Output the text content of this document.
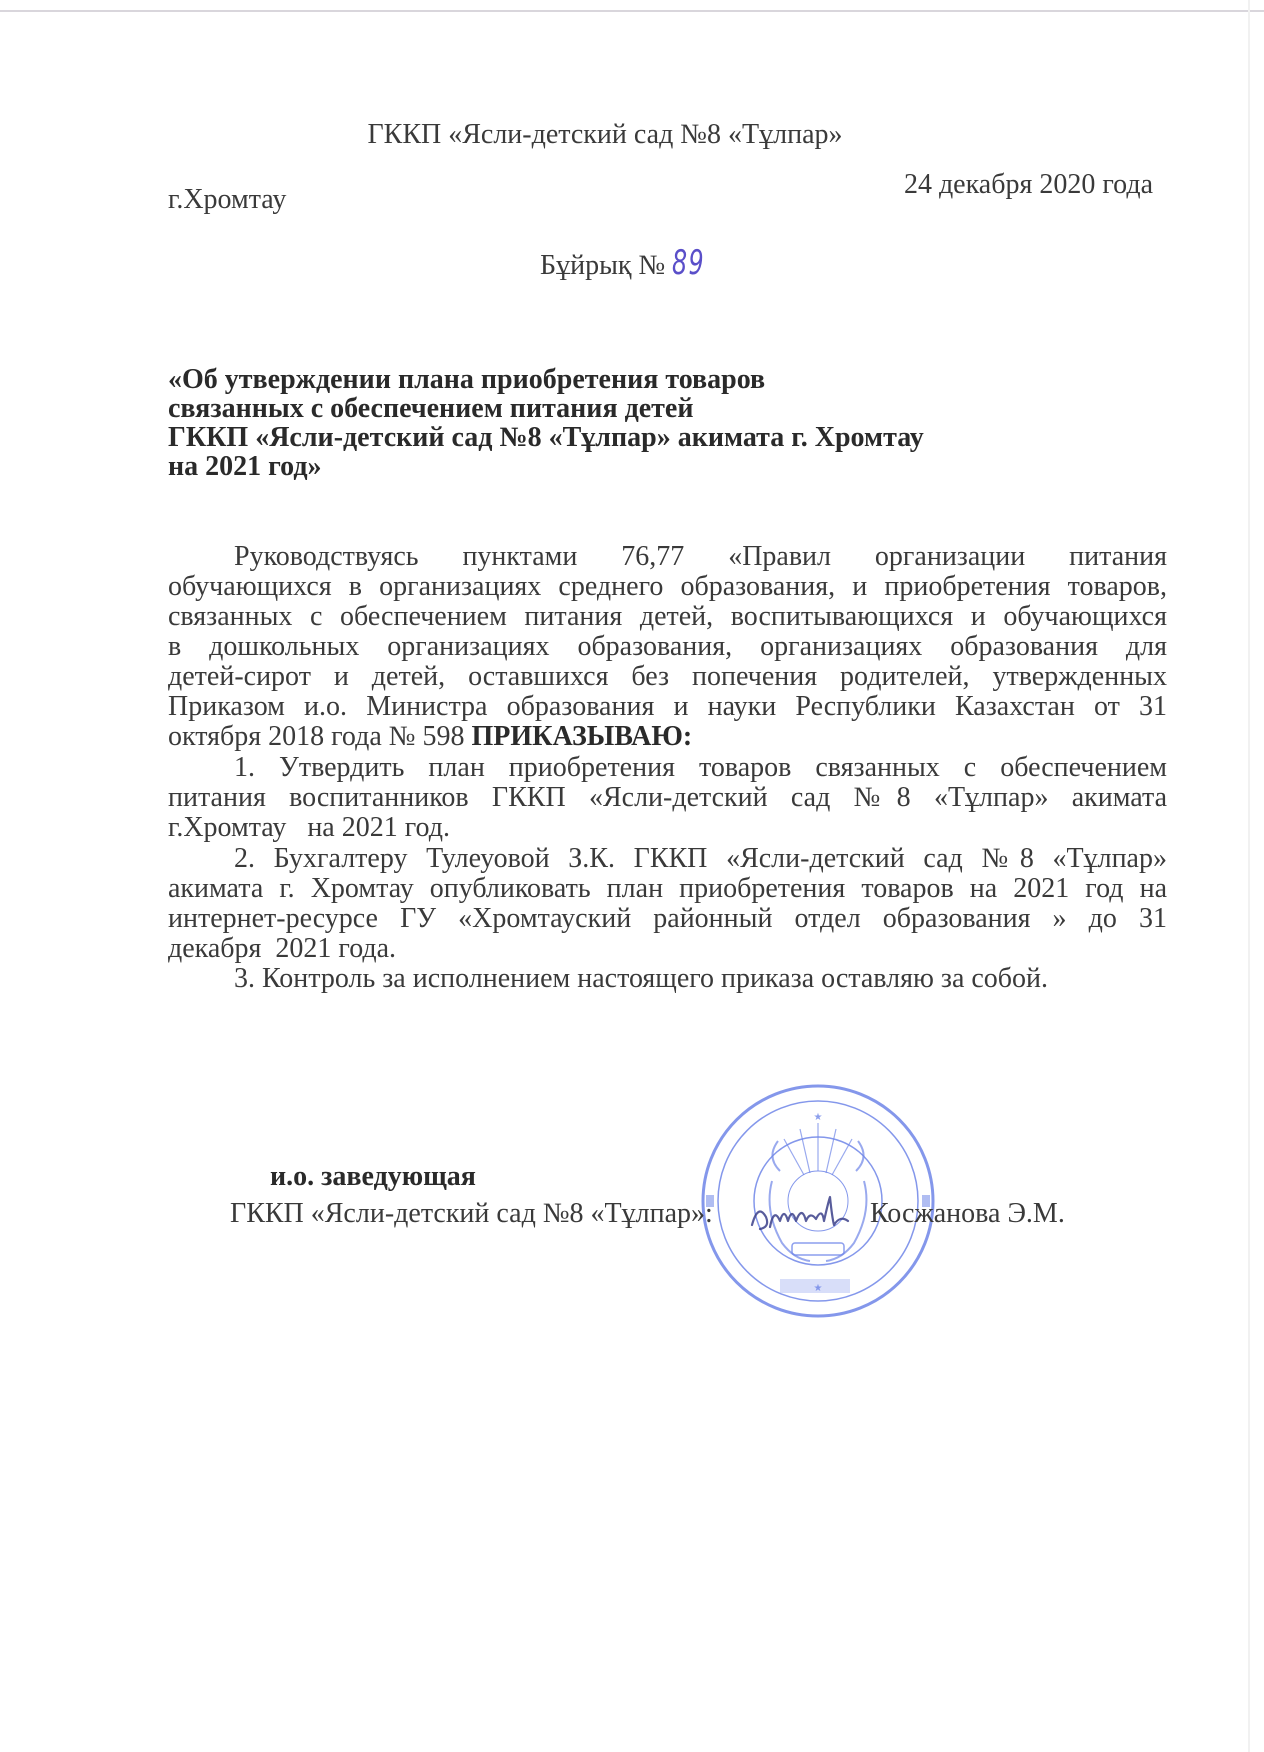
ГККП «Ясли-детский сад №8 «Тұлпар»
г.Хромтау	24 декабря 2020 года
Бұйрық № 89
«Об утверждении плана приобретения товаров
связанных с обеспечением питания детей
ГККП «Ясли-детский сад №8 «Тұлпар» акимата г. Хромтау
на 2021 год»
Руководствуясь пунктами 76,77 «Правил организации питания
обучающихся в организациях среднего образования, и приобретения товаров,
связанных с обеспечением питания детей, воспитывающихся и обучающихся
в дошкольных организациях образования, организациях образования для
детей-сирот и детей, оставшихся без попечения родителей, утвержденных
Приказом и.о. Министра образования и науки Республики Казахстан от 31
октября 2018 года № 598 ПРИКАЗЫВАЮ:
1. Утвердить план приобретения товаров связанных с обеспечением
питания воспитанников ГККП «Ясли-детский сад №8 «Тұлпар» акимата
г.Хромтау   на 2021 год.
2. Бухгалтеру Тулеуовой З.К. ГККП «Ясли-детский сад №8 «Тұлпар»
акимата г. Хромтау опубликовать план приобретения товаров на 2021 год на
интернет-ресурсе ГУ «Хромтауский районный отдел образования » до 31
декабря  2021 года.
3. Контроль за исполнением настоящего приказа оставляю за собой.
★
★
и.о. заведующая
ГККП «Ясли-детский сад №8 «Тұлпар»:	Косжанова Э.М.
